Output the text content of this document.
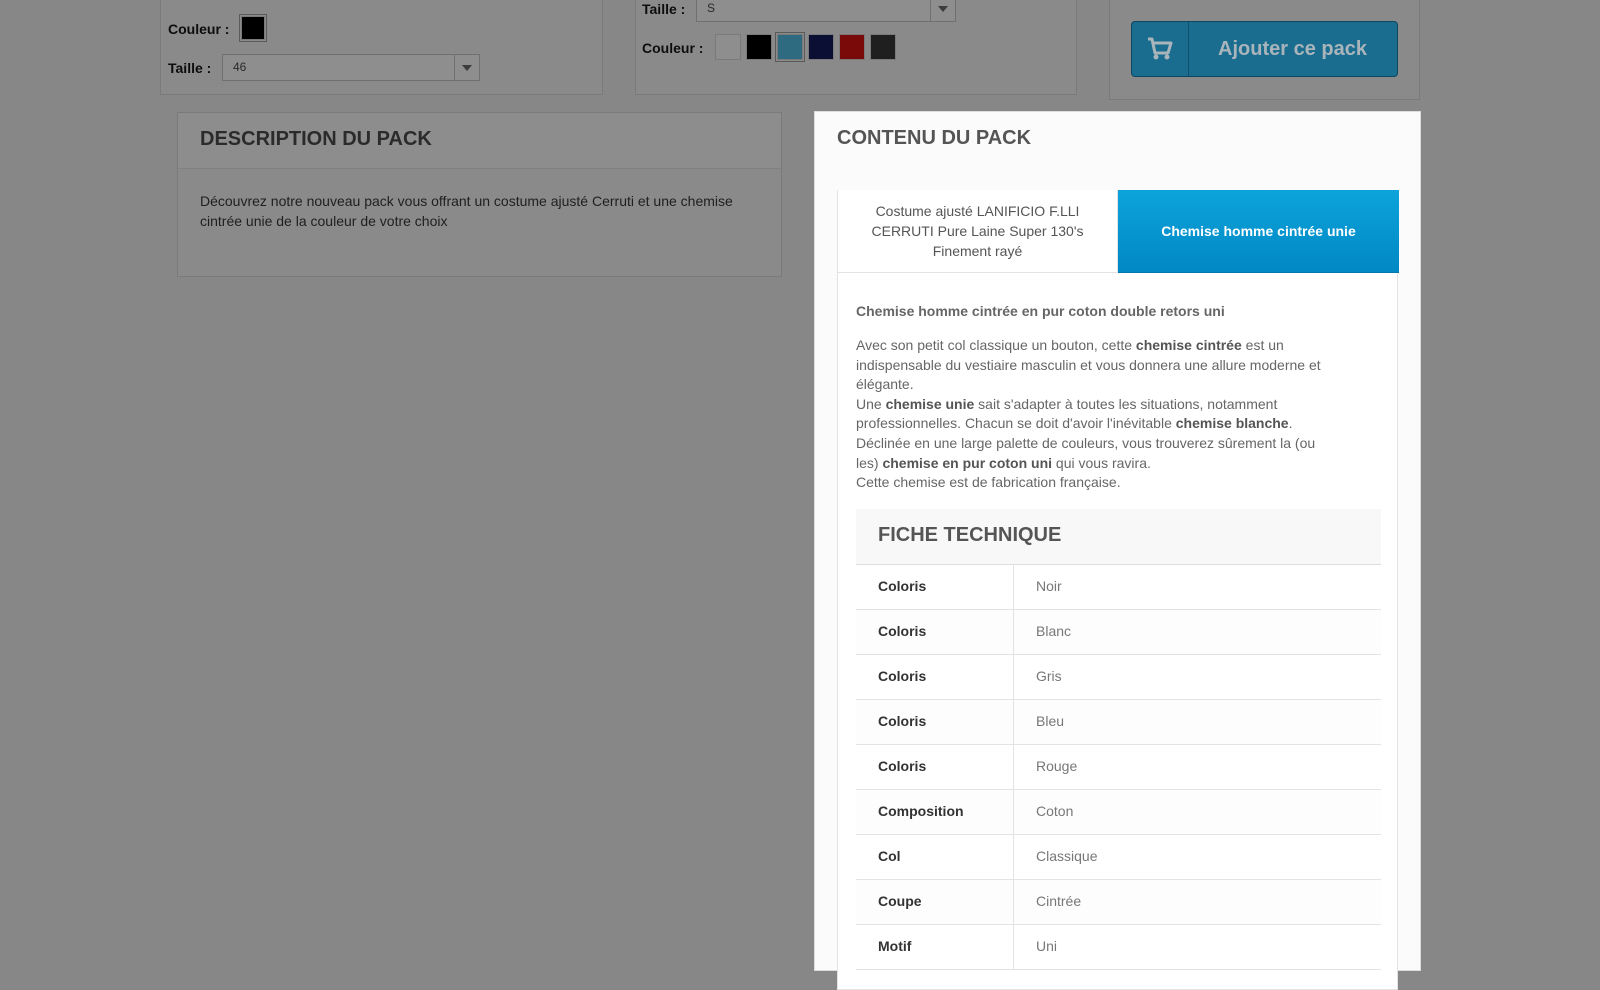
Couleur :
Taille :	46
Taille :	S
Couleur :	Ajouter ce pack
DESCRIPTION DU PACK
Découvrez notre nouveau pack vous offrant un costume ajusté Cerruti et une chemise cintrée unie de la couleur de votre choix
CONTENU DU PACK
Costume ajusté LANIFICIO F.LLI CERRUTI Pure Laine Super 130's Finement rayé
Chemise homme cintrée unie
Chemise homme cintrée en pur coton double retors uni
Avec son petit col classique un bouton, cette chemise cintrée est un indispensable du vestiaire masculin et vous donnera une allure moderne et élégante.
Une chemise unie sait s'adapter à toutes les situations, notamment professionnelles. Chacun se doit d'avoir l'inévitable chemise blanche.
Déclinée en une large palette de couleurs, vous trouverez sûrement la (ou les) chemise en pur coton uni qui vous ravira.
Cette chemise est de fabrication française.
FICHE TECHNIQUE
Coloris	Noir
Coloris	Blanc
Coloris	Gris
Coloris	Bleu
Coloris	Rouge
Composition	Coton
Col	Classique
Coupe	Cintrée
Motif	Uni
